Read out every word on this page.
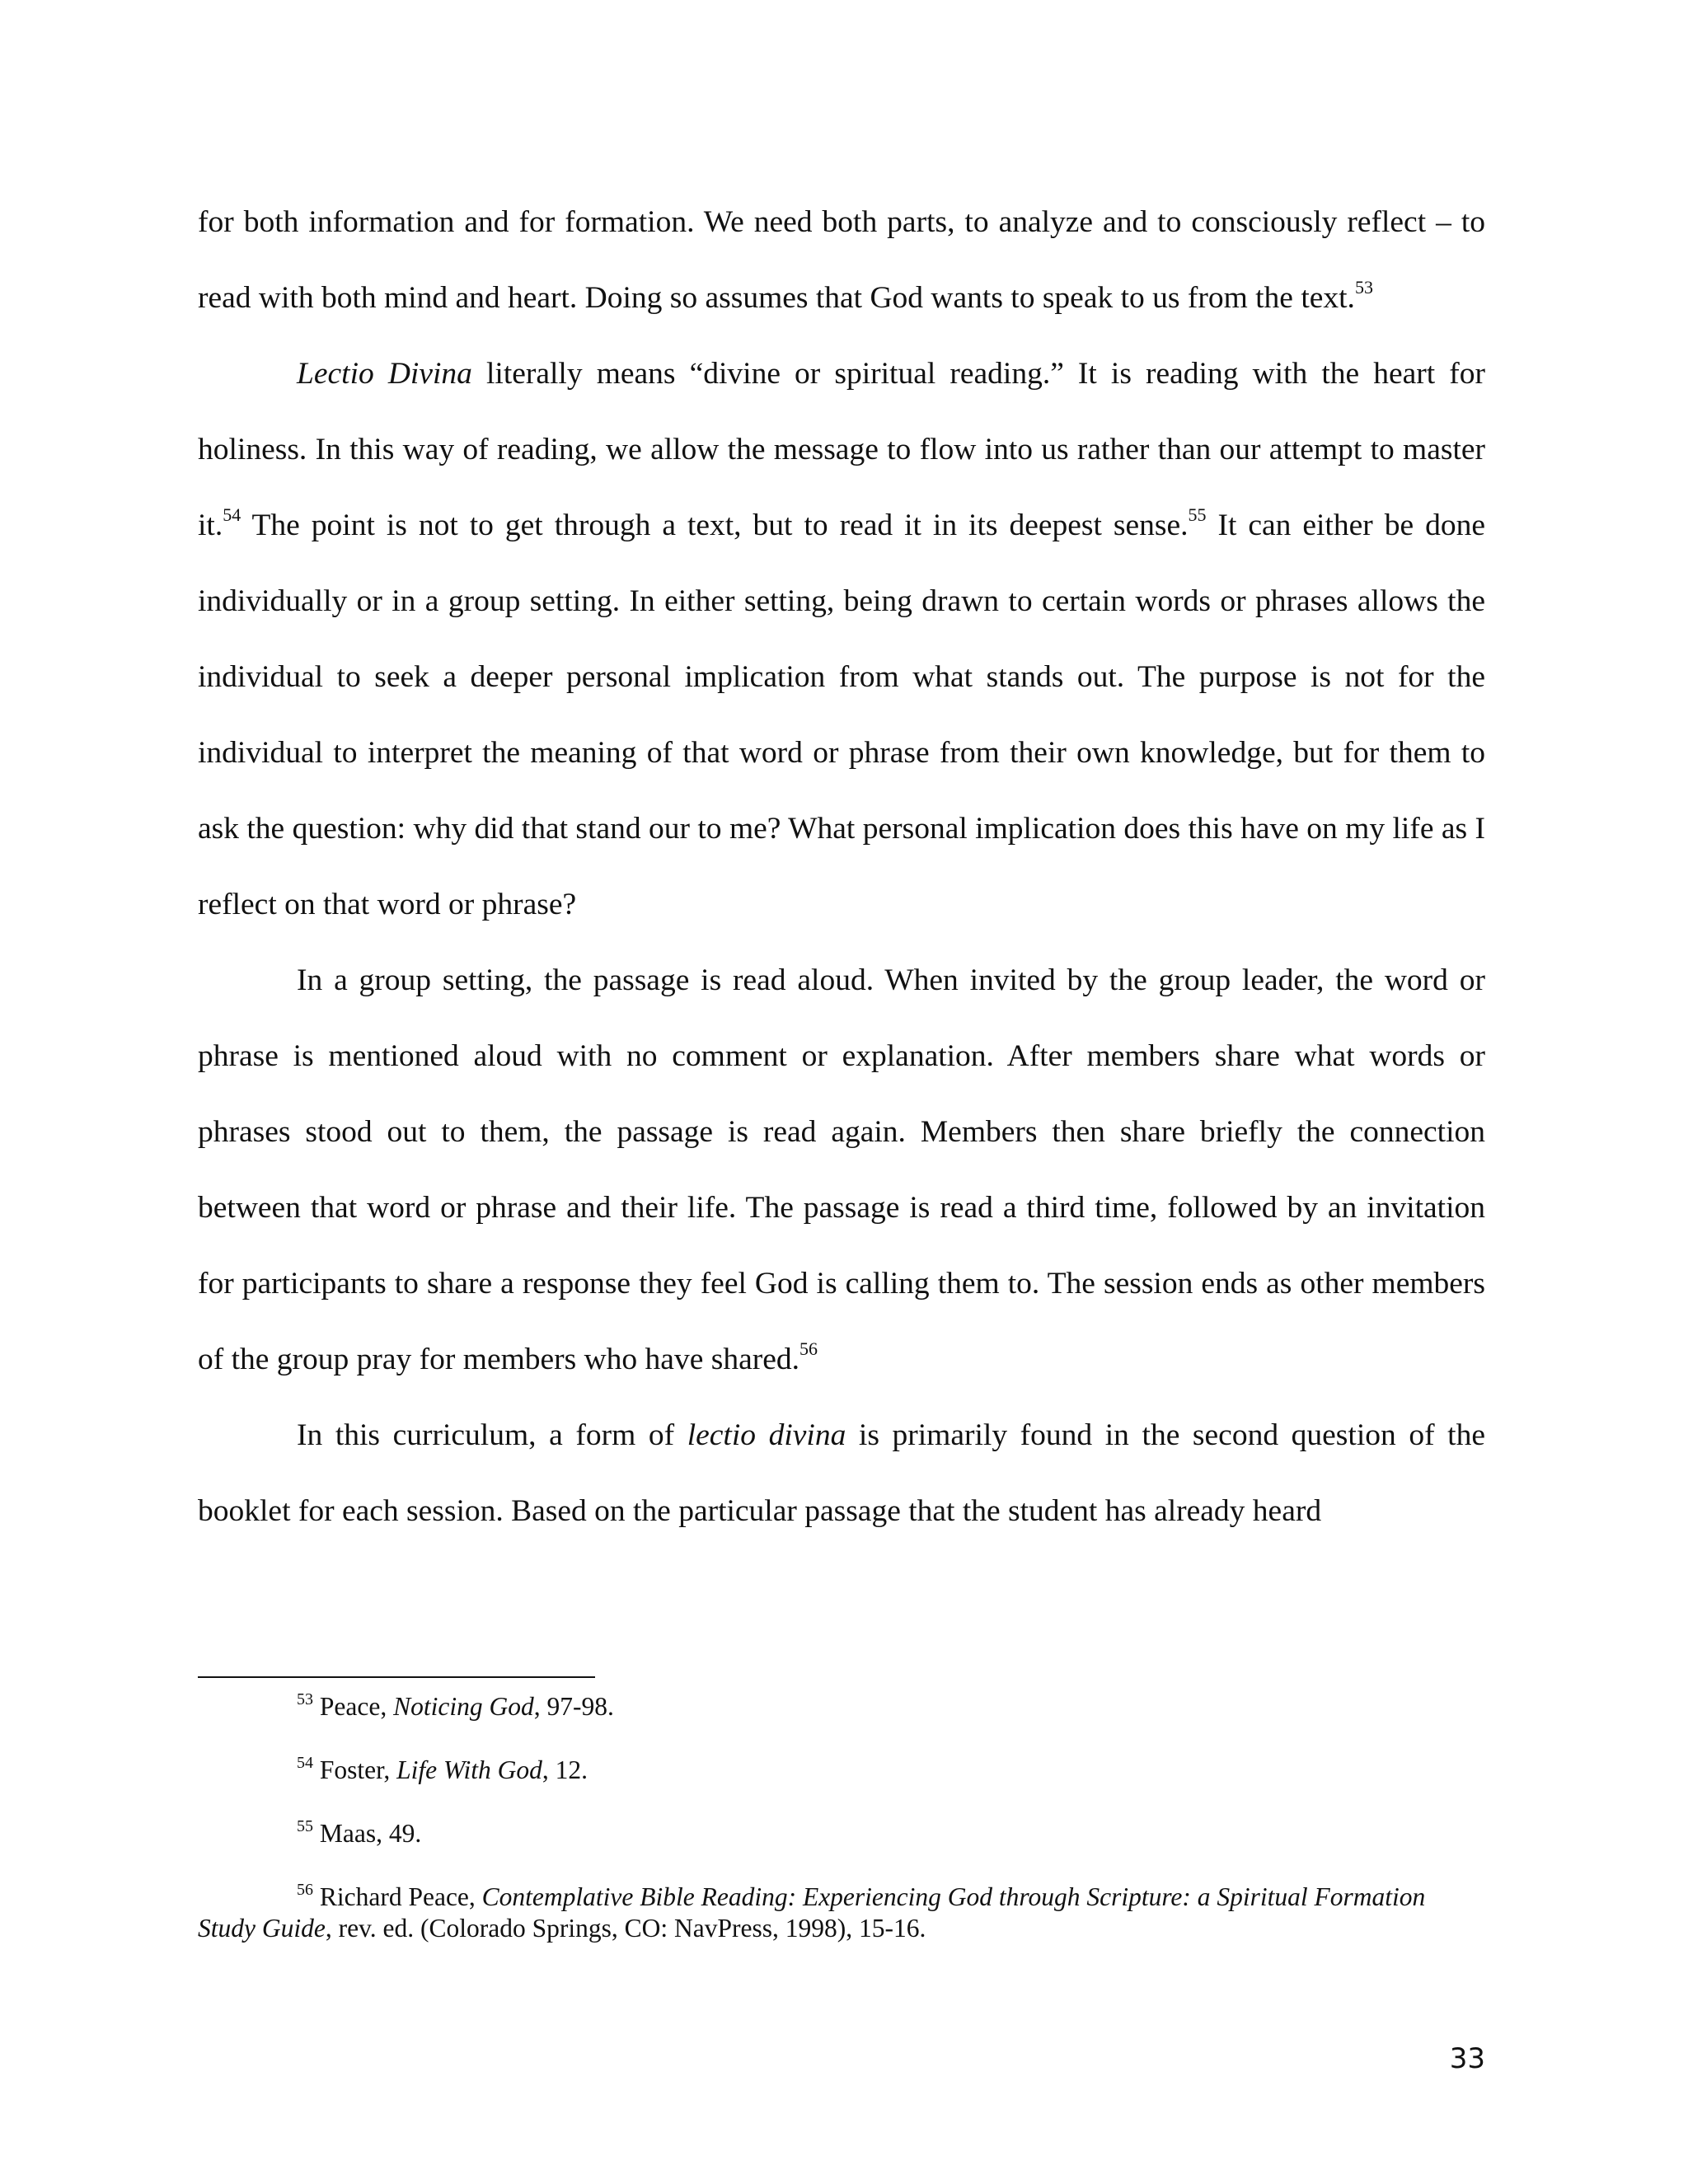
for both information and for formation. We need both parts, to analyze and to consciously reflect – to read with both mind and heart. Doing so assumes that God wants to speak to us from the text.$^{53}$

Lectio Divina literally means “divine or spiritual reading.” It is reading with the heart for holiness. In this way of reading, we allow the message to flow into us rather than our attempt to master it.$^{54}$ The point is not to get through a text, but to read it in its deepest sense.$^{55}$ It can either be done individually or in a group setting. In either setting, being drawn to certain words or phrases allows the individual to seek a deeper personal implication from what stands out. The purpose is not for the individual to interpret the meaning of that word or phrase from their own knowledge, but for them to ask the question: why did that stand our to me? What personal implication does this have on my life as I reflect on that word or phrase?

In a group setting, the passage is read aloud. When invited by the group leader, the word or phrase is mentioned aloud with no comment or explanation. After members share what words or phrases stood out to them, the passage is read again. Members then share briefly the connection between that word or phrase and their life. The passage is read a third time, followed by an invitation for participants to share a response they feel God is calling them to. The session ends as other members of the group pray for members who have shared.$^{56}$

In this curriculum, a form of lectio divina is primarily found in the second question of the booklet for each session. Based on the particular passage that the student has already heard

$^{53}$ Peace, Noticing God, 97-98.

$^{54}$ Foster, Life With God, 12.

$^{55}$ Maas, 49.

$^{56}$ Richard Peace, Contemplative Bible Reading: Experiencing God through Scripture: a Spiritual Formation Study Guide, rev. ed. (Colorado Springs, CO: NavPress, 1998), 15-16.

33
